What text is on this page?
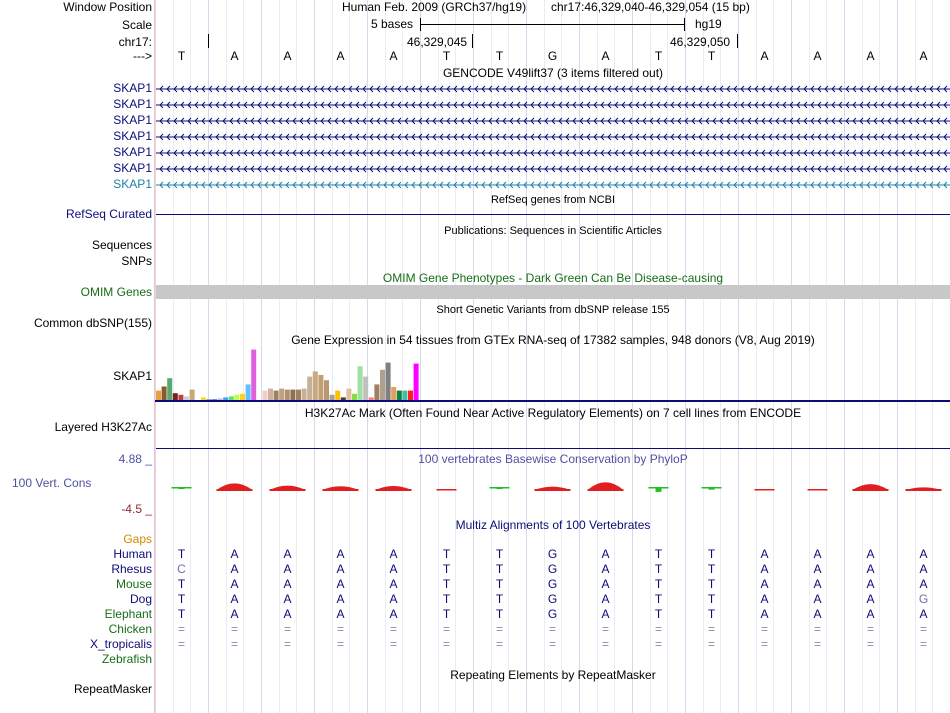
Window Position	Human Feb. 2009 (GRCh37/hg19) chr17:46,329,040-46,329,054 (15 bp)
Scale	5 bases	hg19
chr17:	46,329,045	46,329,050
--->	T	A	A	A	A	T	T	G	A	T	T	A	A	A	A
GENCODE V49lift37 (3 items filtered out)
SKAP1
SKAP1
SKAP1
SKAP1
SKAP1
SKAP1
SKAP1
RefSeq genes from NCBI
RefSeq Curated
Publications: Sequences in Scientific Articles
Sequences
SNPs
OMIM Gene Phenotypes - Dark Green Can Be Disease-causing
OMIM Genes
Short Genetic Variants from dbSNP release 155
Common dbSNP(155)
Gene Expression in 54 tissues from GTEx RNA-seq of 17382 samples, 948 donors (V8, Aug 2019)
SKAP1
H3K27Ac Mark (Often Found Near Active Regulatory Elements) on 7 cell lines from ENCODE
Layered H3K27Ac
100 vertebrates Basewise Conservation by PhyloP
4.88 _
100 Vert. Cons
-4.5 _
Multiz Alignments of 100 Vertebrates
Gaps
Human	T	A	A	A	A	T	T	G	A	T	T	A	A	A	A
Rhesus	C	A	A	A	A	T	T	G	A	T	T	A	A	A	A
Mouse	T	A	A	A	A	T	T	G	A	T	T	A	A	A	A
Dog	T	A	A	A	A	T	T	G	A	T	T	A	A	A	G
Elephant	T	A	A	A	A	T	T	G	A	T	T	A	A	A	A
Chicken	=	=	=	=	=	=	=	=	=	=	=	=	=	=	=
X_tropicalis	=	=	=	=	=	=	=	=	=	=	=	=	=	=	=
Zebrafish
Repeating Elements by RepeatMasker
RepeatMasker
